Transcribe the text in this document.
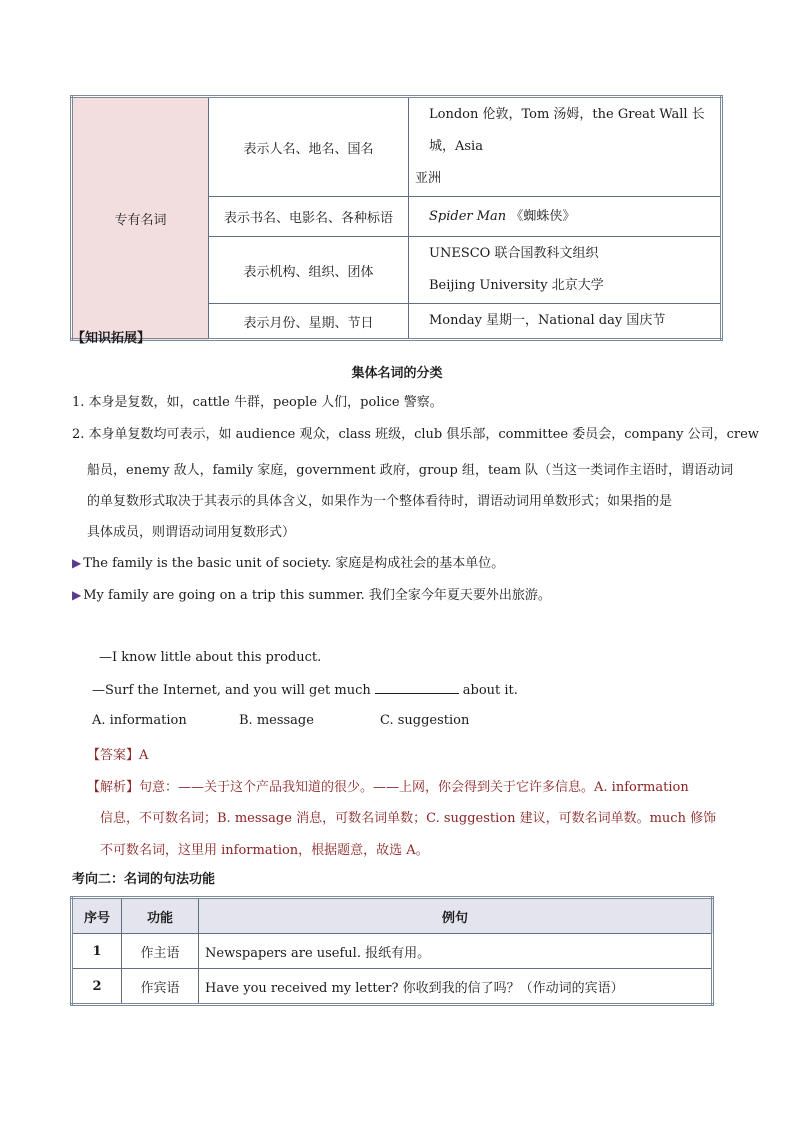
专有名词	表示人名、地名、国名	London 伦敦，Tom 汤姆，the Great Wall 长城，Asia
亚洲

	表示书名、电影名、各种标语	Spider Man 《蜘蛛侠》
	表示机构、组织、团体	UNESCO 联合国教科文组织
Beijing University 北京大学

	表示月份、星期、节日	Monday 星期一，National day 国庆节
【知识拓展】
集体名词的分类
1. 本身是复数，如，cattle 牛群，people 人们，police 警察。
2. 本身单复数均可表示，如 audience 观众，class 班级，club 俱乐部，committee 委员会，company 公司，crew
船员，enemy 敌人，family 家庭，government 政府，group 组，team 队（当这一类词作主语时，谓语动词
的单复数形式取决于其表示的具体含义，如果作为一个整体看待时，谓语动词用单数形式；如果指的是
具体成员，则谓语动词用复数形式）
▶ The family is the basic unit of society. 家庭是构成社会的基本单位。
▶ My family are going on a trip this summer. 我们全家今年夏天要外出旅游。
—I know little about this product.
—Surf the Internet, and you will get much	about it.
A. information	B. message	C. suggestion
【答案】A
【解析】句意：——关于这个产品我知道的很少。——上网，你会得到关于它许多信息。A. information
信息，不可数名词；B. message 消息，可数名词单数；C. suggestion 建议，可数名词单数。much 修饰
不可数名词，这里用 information，根据题意，故选 A。
考向二：名词的句法功能
序号	功能	例句
1	作主语	Newspapers are useful. 报纸有用。
2	作宾语	Have you received my letter? 你收到我的信了吗？（作动词的宾语）
